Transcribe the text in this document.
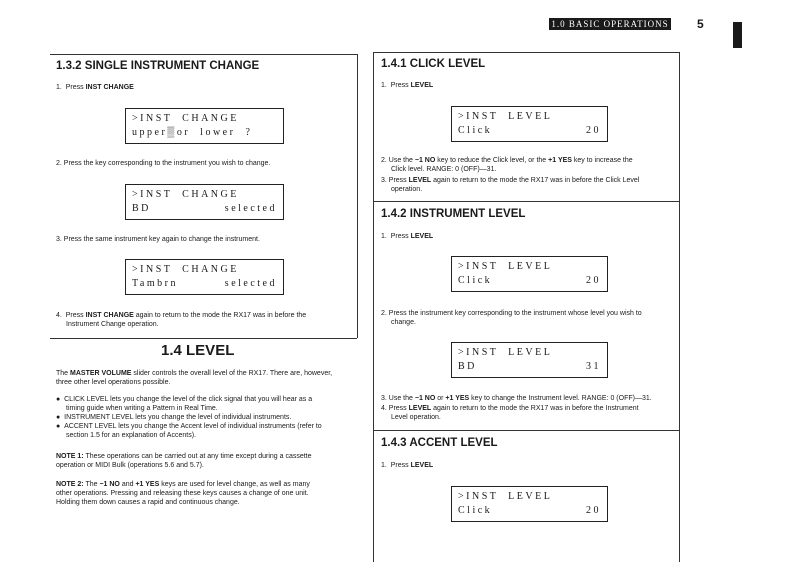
1.0 BASIC OPERATIONS 5
1.3.2 SINGLE INSTRUMENT CHANGE
1. Press INST CHANGE
>INST  CHANGE
upper▒or  lower  ?
2. Press the key corresponding to the instrument you wish to change.
>INST  CHANGE
BD	selected
3. Press the same instrument key again to change the instrument.
>INST  CHANGE
Tambrn	selected
4. Press INST CHANGE again to return to the mode the RX17 was in before the
Instrument Change operation.
1.4 LEVEL
The MASTER VOLUME slider controls the overall level of the RX17. There are, however,
three other level operations possible.
●  CLICK LEVEL lets you change the level of the click signal that you will hear as a
timing guide when writing a Pattern in Real Time.
●  INSTRUMENT LEVEL lets you change the level of individual instruments.
●  ACCENT LEVEL lets you change the Accent level of individual instruments (refer to
section 1.5 for an explanation of Accents).
NOTE 1: These operations can be carried out at any time except during a cassette
operation or MIDI Bulk (operations 5.6 and 5.7).
NOTE 2: The −1 NO and +1 YES keys are used for level change, as well as many
other operations. Pressing and releasing these keys causes a change of one unit.
Holding them down causes a rapid and continuous change.
1.4.1 CLICK LEVEL
1. Press LEVEL
>INST  LEVEL
Click	20
2. Use the −1 NO key to reduce the Click level, or the +1 YES key to increase the
Click level. RANGE: 0 (OFF)—31.
3. Press LEVEL again to return to the mode the RX17 was in before the Click Level
operation.
1.4.2 INSTRUMENT LEVEL
1. Press LEVEL
>INST  LEVEL
Click	20
2. Press the instrument key corresponding to the instrument whose level you wish to
change.
>INST  LEVEL
BD	31
3. Use the −1 NO or +1 YES key to change the Instrument level. RANGE: 0 (OFF)—31.
4. Press LEVEL again to return to the mode the RX17 was in before the Instrument
Level operation.
1.4.3 ACCENT LEVEL
1. Press LEVEL
>INST  LEVEL
Click	20
